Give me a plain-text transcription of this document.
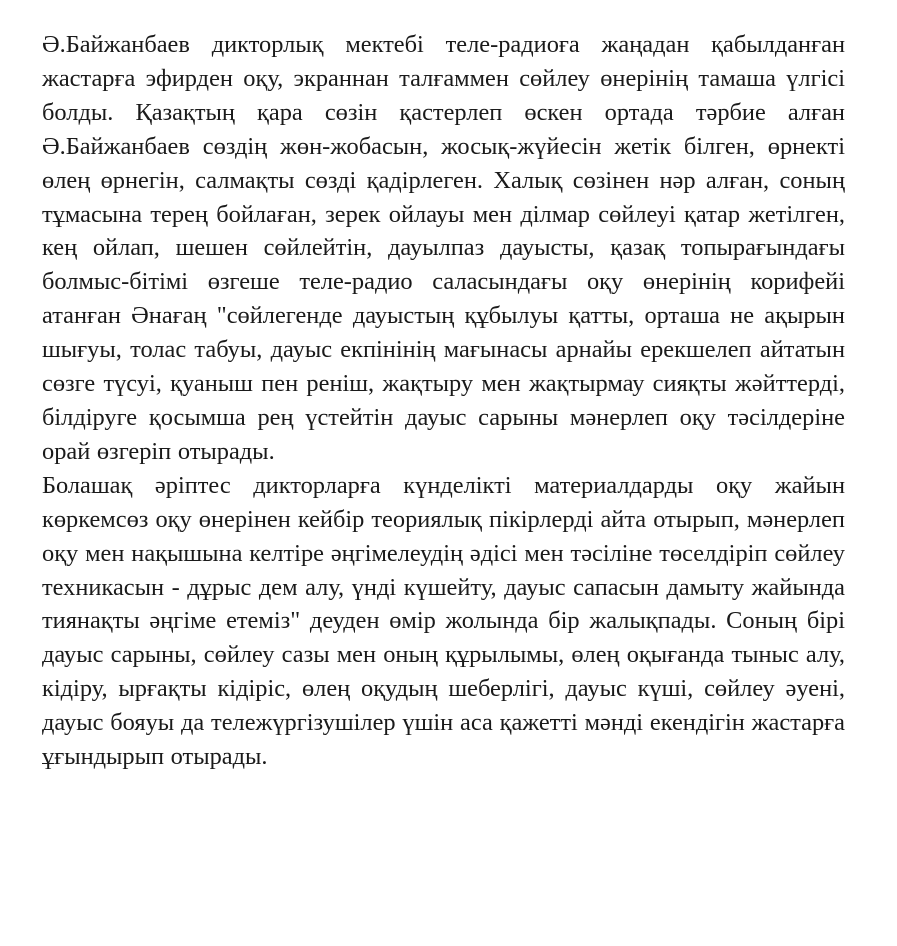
Ә.Байжанбаев дикторлық мектебі теле-радиоға жаңадан қабылданған жастарға эфирден оқу, экраннан талғаммен сөйлеу өнерінің тамаша үлгісі болды. Қазақтың қара сөзін қастерлеп өскен ортада тәрбие алған Ә.Байжанбаев сөздің жөн-жобасын, жосық-жүйесін жетік білген, өрнекті өлең өрнегін, салмақты сөзді қадірлеген. Халық сөзінен нәр алған, соның тұмасына терең бойлаған, зерек ойлауы мен ділмар сөйлеуі қатар жетілген, кең ойлап, шешен сөйлейтін, дауылпаз дауысты, қазақ топырағындағы болмыс-бітімі өзгеше теле-радио саласындағы оқу өнерінің корифейі атанған Әнағаң "сөйлегенде дауыстың құбылуы қатты, орташа не ақырын шығуы, толас табуы, дауыс екпінінің мағынасы арнайы ерекшелеп айтатын сөзге түсуі, қуаныш пен реніш, жақтыру мен жақтырмау сияқты жәйттерді, білдіруге қосымша рең үстейтін дауыс сарыны мәнерлеп оқу тәсілдеріне орай өзгеріп отырады.

Болашақ әріптес дикторларға күнделікті материалдарды оқу жайын көркемсөз оқу өнерінен кейбір теориялық пікірлерді айта отырып, мәнерлеп оқу мен нақышына келтіре әңгімелеудің әдісі мен тәсіліне төселдіріп сөйлеу техникасын - дұрыс дем алу, үнді күшейту, дауыс сапасын дамыту жайында тиянақты әңгіме етеміз" деуден өмір жолында бір жалықпады. Соның бірі дауыс сарыны, сөйлеу сазы мен оның құрылымы, өлең оқығанда тыныс алу, кідіру, ырғақты кідіріс, өлең оқудың шеберлігі, дауыс күші, сөйлеу әуені, дауыс бояуы да тележүргізушілер үшін аса қажетті мәнді екендігін жастарға ұғындырып отырады.
